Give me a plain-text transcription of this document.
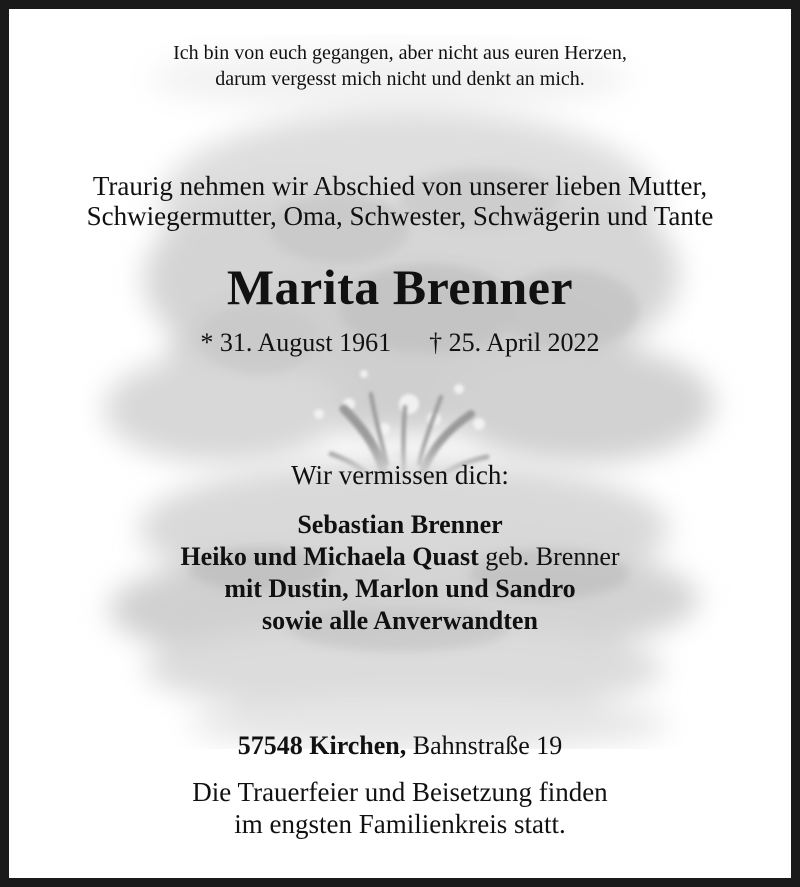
Ich bin von euch gegangen, aber nicht aus euren Herzen,
darum vergesst mich nicht und denkt an mich.
Traurig nehmen wir Abschied von unserer lieben Mutter,
Schwiegermutter, Oma, Schwester, Schwägerin und Tante
Marita Brenner
* 31. August 1961 † 25. April 2022
Wir vermissen dich:
Sebastian Brenner
Heiko und Michaela Quast geb. Brenner
mit Dustin, Marlon und Sandro
sowie alle Anverwandten
57548 Kirchen, Bahnstraße 19
Die Trauerfeier und Beisetzung finden
im engsten Familienkreis statt.
